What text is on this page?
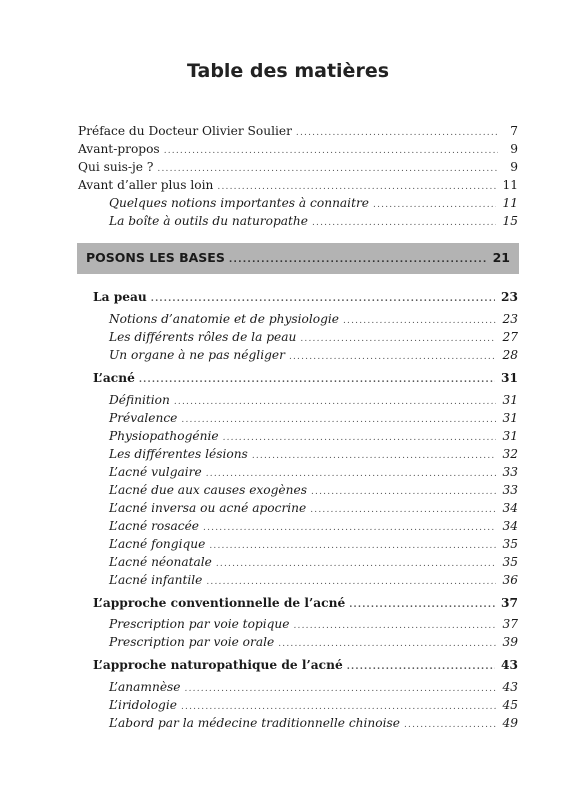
Table des matières
Préface du Docteur Olivier Soulier .....	7
Avant-propos .....	9
Qui suis-je ? .....	9
Avant d’aller plus loin .....	11
Quelques notions importantes à connaitre .....	11
La boîte à outils du naturopathe .....	15
POSONS LES BASES .....	21
La peau .....	23
Notions d’anatomie et de physiologie .....	23
Les différents rôles de la peau .....	27
Un organe à ne pas négliger .....	28
L’acné .....	31
Définition .....	31
Prévalence .....	31
Physiopathogénie .....	31
Les différentes lésions .....	32
L’acné vulgaire .....	33
L’acné due aux causes exogènes .....	33
L’acné inversa ou acné apocrine .....	34
L’acné rosacée .....	34
L’acné fongique .....	35
L’acné néonatale .....	35
L’acné infantile .....	36
L’approche conventionnelle de l’acné .....	37
Prescription par voie topique .....	37
Prescription par voie orale .....	39
L’approche naturopathique de l’acné .....	43
L’anamnèse .....	43
L’iridologie .....	45
L’abord par la médecine traditionnelle chinoise .....	49
